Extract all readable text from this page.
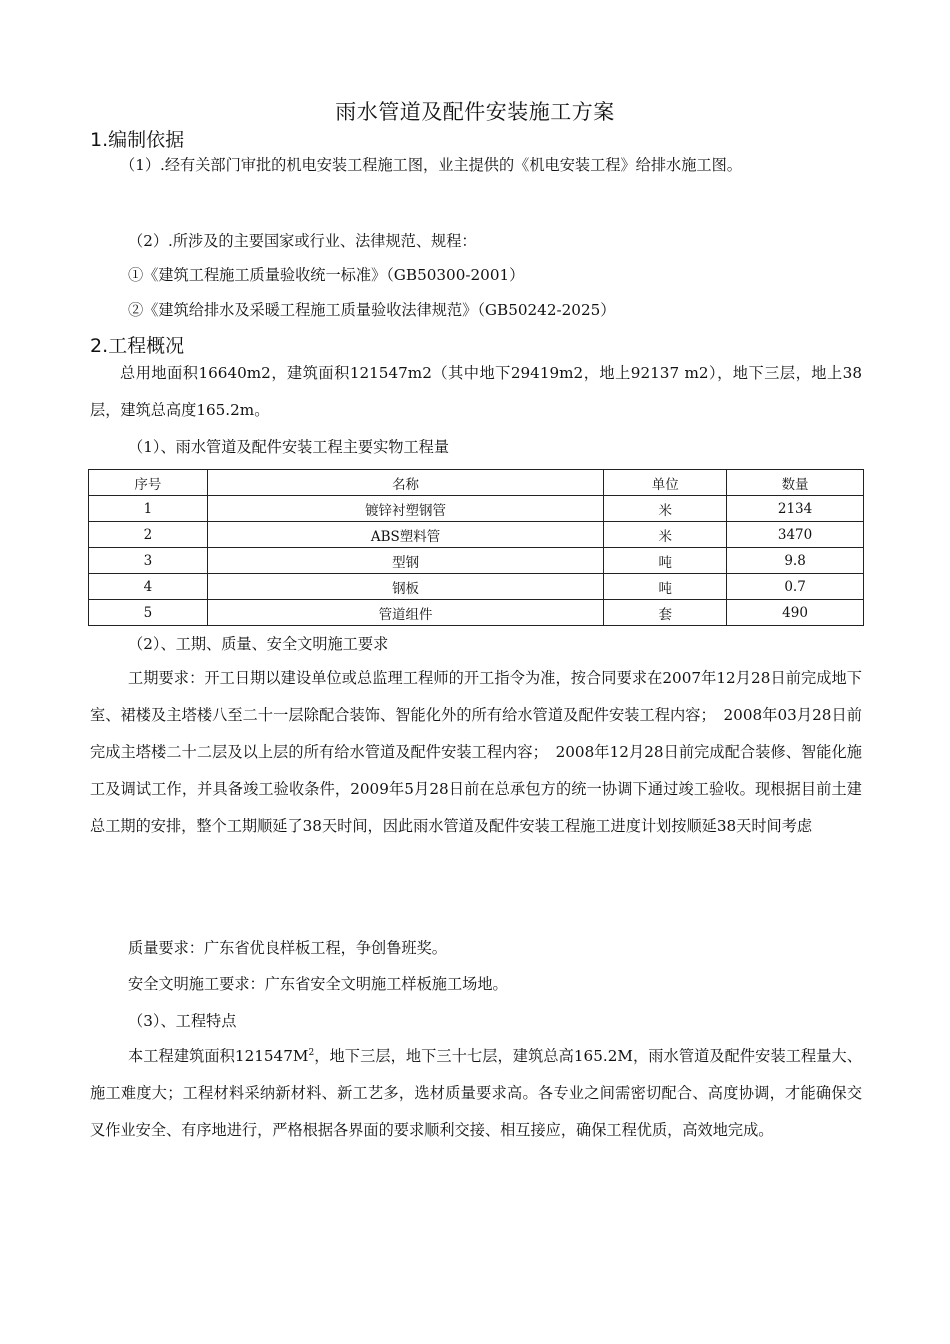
雨水管道及配件安装施工方案
1.编制依据

（1）.经有关部门审批的机电安装工程施工图，业主提供的《机电安装工程》给排水施工图。

（2）.所涉及的主要国家或行业、法律规范、规程：
①《建筑工程施工质量验收统一标准》（GB50300-2001）
②《建筑给排水及采暖工程施工质量验收法律规范》（GB50242-2025）
2.工程概况

总用地面积16640m2，建筑面积121547m2（其中地下29419m2，地上92137 m2），地下三层，地上38层，建筑总高度165.2m。

（1）、雨水管道及配件安装工程主要实物工程量
序号	名称	单位	数量
1	镀锌衬塑钢管	米	2134
2	ABS塑料管	米	3470
3	型钢	吨	9.8
4	钢板	吨	0.7
5	管道组件	套	490
（2）、工期、质量、安全文明施工要求

工期要求：开工日期以建设单位或总监理工程师的开工指令为准，按合同要求在2007年12月28日前完成地下室、裙楼及主塔楼八至二十一层除配合装饰、智能化外的所有给水管道及配件安装工程内容；　2008年03月28日前完成主塔楼二十二层及以上层的所有给水管道及配件安装工程内容；　2008年12月28日前完成配合装修、智能化施工及调试工作，并具备竣工验收条件，2009年5月28日前在总承包方的统一协调下通过竣工验收。现根据目前土建总工期的安排，整个工期顺延了38天时间，因此雨水管道及配件安装工程施工进度计划按顺延38天时间考虑

质量要求：广东省优良样板工程，争创鲁班奖。
安全文明施工要求：广东省安全文明施工样板施工场地。
（3）、工程特点

本工程建筑面积$121547M^2$，地下三层，地下三十七层，建筑总高165.2M，雨水管道及配件安装工程量大、施工难度大；工程材料采纳新材料、新工艺多，选材质量要求高。各专业之间需密切配合、高度协调，才能确保交叉作业安全、有序地进行，严格根据各界面的要求顺利交接、相互接应，确保工程优质，高效地完成。
